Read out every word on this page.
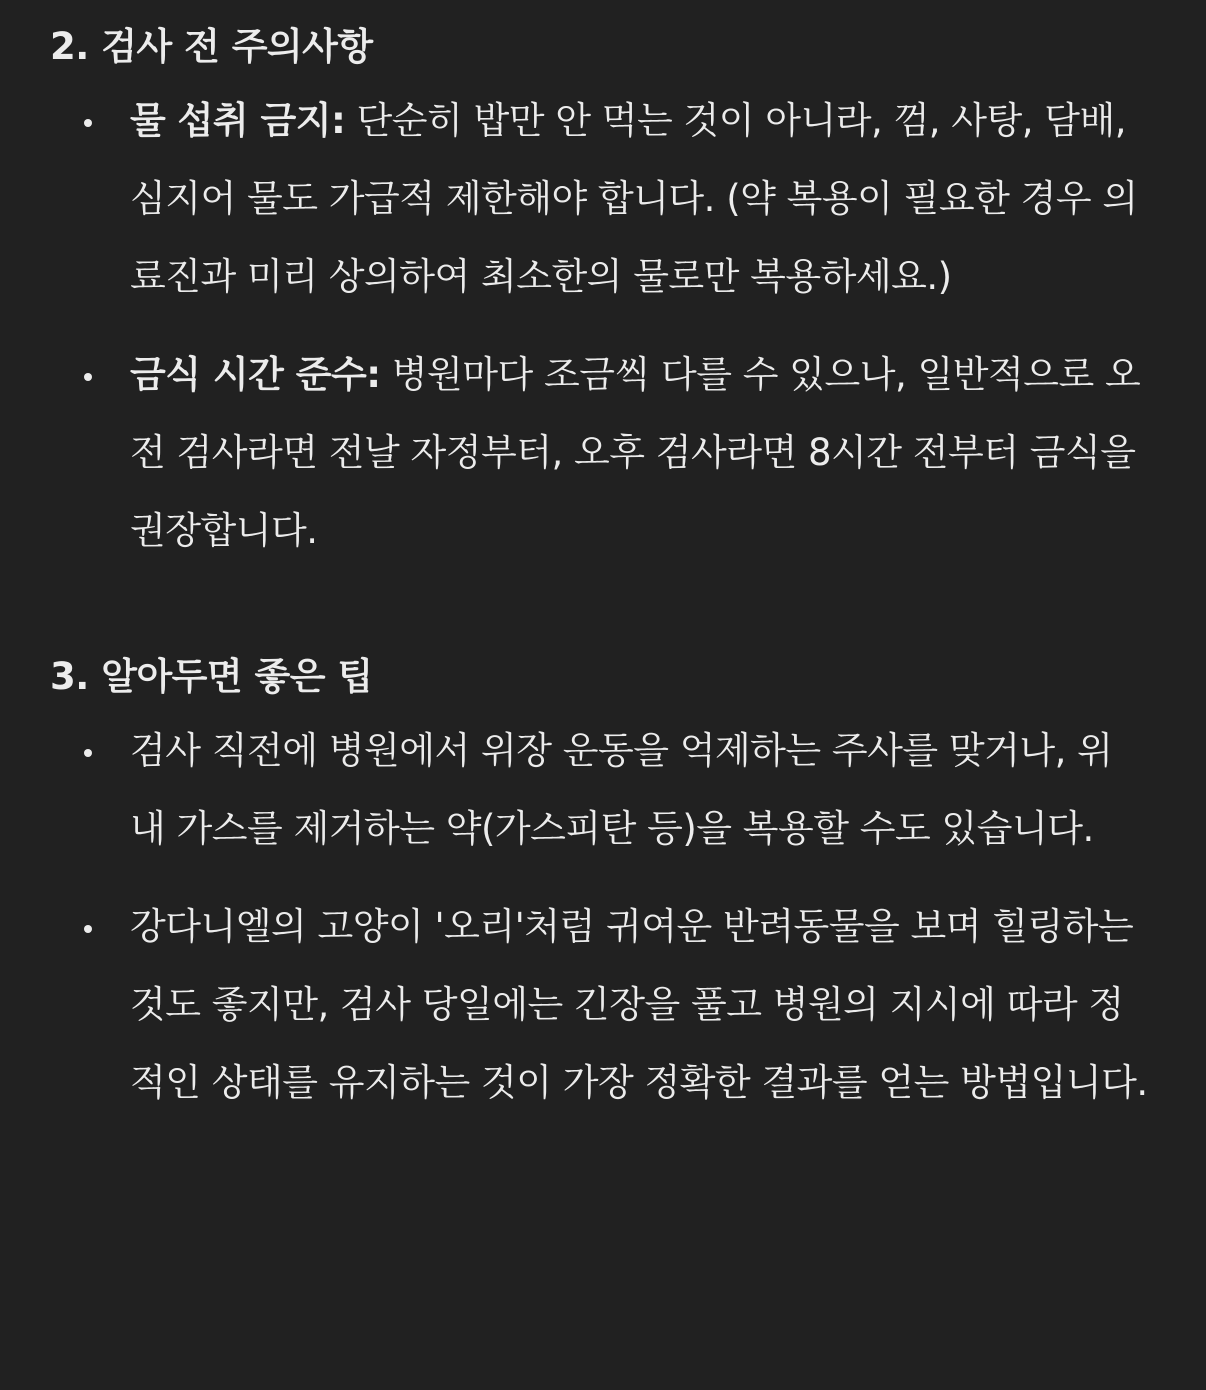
2. 검사 전 주의사항
물 섭취 금지: 단순히 밥만 안 먹는 것이 아니라, 껌, 사탕, 담배, 심지어 물도 가급적 제한해야 합니다. (약 복용이 필요한 경우 의료진과 미리 상의하여 최소한의 물로만 복용하세요.)
금식 시간 준수: 병원마다 조금씩 다를 수 있으나, 일반적으로 오전 검사라면 전날 자정부터, 오후 검사라면 8시간 전부터 금식을 권장합니다.
3. 알아두면 좋은 팁
검사 직전에 병원에서 위장 운동을 억제하는 주사를 맞거나, 위 내 가스를 제거하는 약(가스피탄 등)을 복용할 수도 있습니다.
강다니엘의 고양이 '오리'처럼 귀여운 반려동물을 보며 힐링하는 것도 좋지만, 검사 당일에는 긴장을 풀고 병원의 지시에 따라 정적인 상태를 유지하는 것이 가장 정확한 결과를 얻는 방법입니다.
